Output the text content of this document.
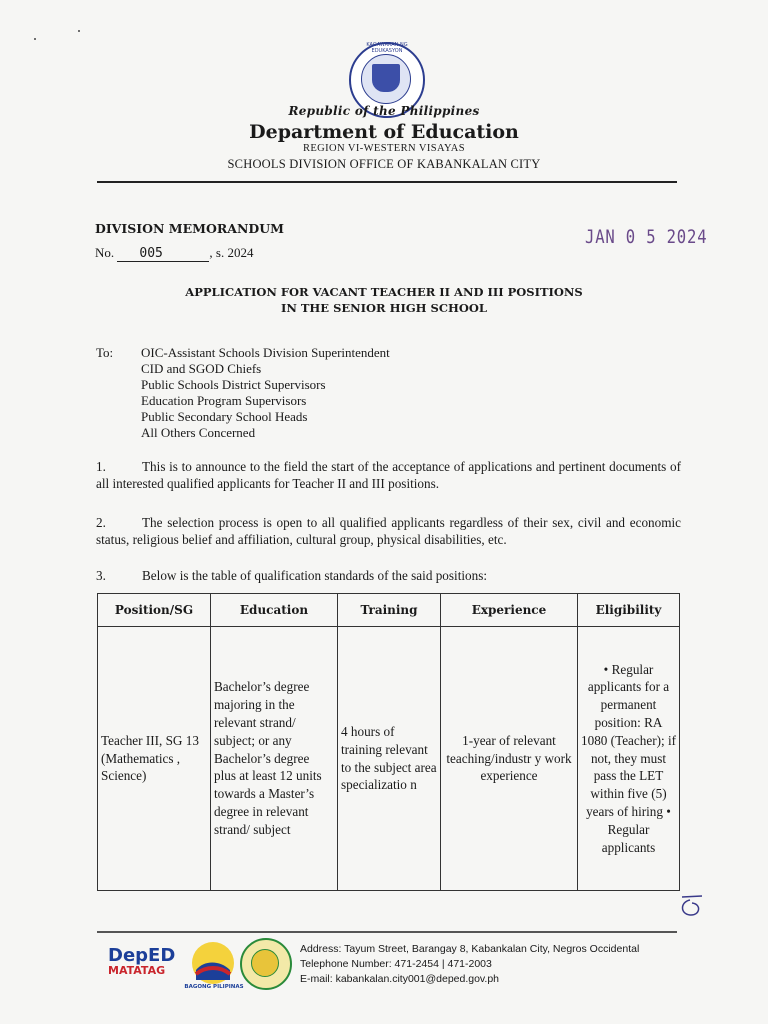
KAGAWARAN NG EDUKASYON
Republic of the Philippines
Department of Education
REGION VI-WESTERN VISAYAS
SCHOOLS DIVISION OFFICE OF KABANKALAN CITY
DIVISION MEMORANDUM
No. 005	, s. 2024
JAN 0 5 2024
APPLICATION FOR VACANT TEACHER II AND III POSITIONS
IN THE SENIOR HIGH SCHOOL
To: OIC-Assistant Schools Division Superintendent
CID and SGOD Chiefs
Public Schools District Supervisors
Education Program Supervisors
Public Secondary School Heads
All Others Concerned
1.	This is to announce to the field the start of the acceptance of applications and pertinent documents of all interested qualified applicants for Teacher II and III positions.
2.	The selection process is open to all qualified applicants regardless of their sex, civil and economic status, religious belief and affiliation, cultural group, physical disabilities, etc.
3.	Below is the table of qualification standards of the said positions:
Position/SG	Education	Training	Experience	Eligibility
Teacher III, SG 13 (Mathematics , Science)	Bachelor’s degree majoring in the relevant strand/ subject; or any Bachelor’s degree plus at least 12 units towards a Master’s degree in relevant strand/ subject	4 hours of training relevant to the subject area specializatio n	1-year of relevant teaching/industr y work experience	• Regular applicants for a permanent position: RA 1080 (Teacher); if not, they must pass the LET within five (5) years of hiring • Regular applicants
DepED
MATATAG
BAGONG PILIPINAS
Address: Tayum Street, Barangay 8, Kabankalan City, Negros Occidental
Telephone Number: 471-2454 | 471-2003
E-mail: kabankalan.city001@deped.gov.ph
